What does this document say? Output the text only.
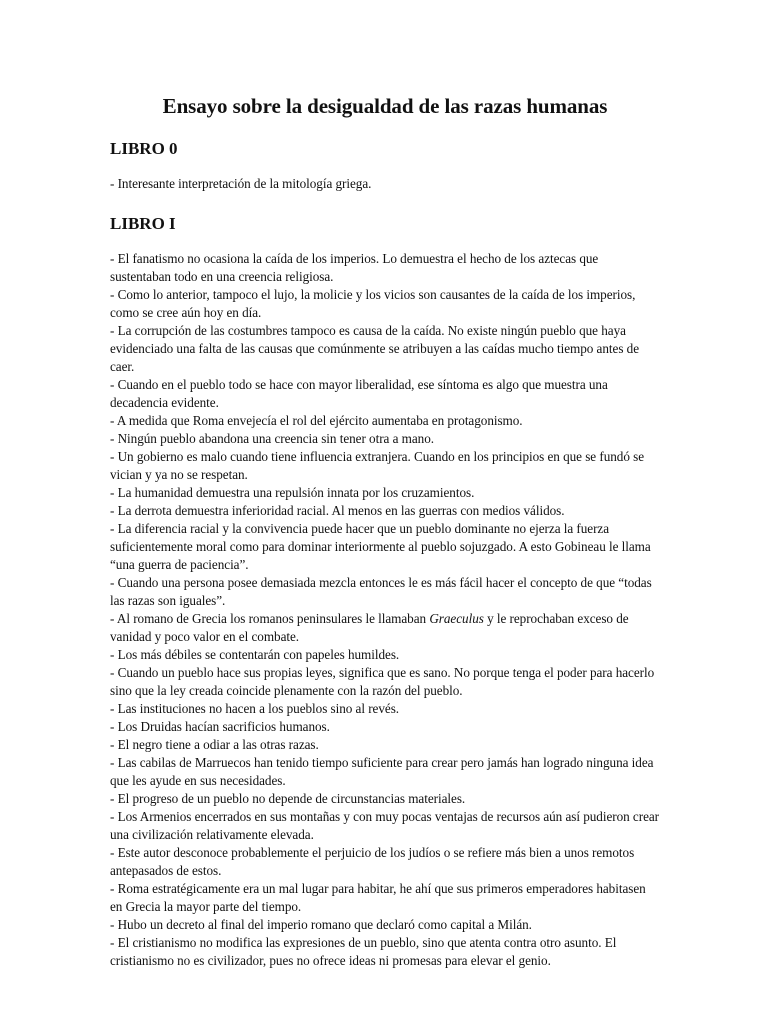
Ensayo sobre la desigualdad de las razas humanas
LIBRO 0

- Interesante interpretación de la mitología griega.

LIBRO I

- El fanatismo no ocasiona la caída de los imperios. Lo demuestra el hecho de los aztecas que sustentaban todo en una creencia religiosa.

- Como lo anterior, tampoco el lujo, la molicie y los vicios son causantes de la caída de los imperios, como se cree aún hoy en día.

- La corrupción de las costumbres tampoco es causa de la caída. No existe ningún pueblo que haya evidenciado una falta de las causas que comúnmente se atribuyen a las caídas mucho tiempo antes de caer.

- Cuando en el pueblo todo se hace con mayor liberalidad, ese síntoma es algo que muestra una decadencia evidente.

- A medida que Roma envejecía el rol del ejército aumentaba en protagonismo.

- Ningún pueblo abandona una creencia sin tener otra a mano.

- Un gobierno es malo cuando tiene influencia extranjera. Cuando en los principios en que se fundó se vician y ya no se respetan.

- La humanidad demuestra una repulsión innata por los cruzamientos.

- La derrota demuestra inferioridad racial. Al menos en las guerras con medios válidos.

- La diferencia racial y la convivencia puede hacer que un pueblo dominante no ejerza la fuerza suficientemente moral como para dominar interiormente al pueblo sojuzgado. A esto Gobineau le llama “una guerra de paciencia”.

- Cuando una persona posee demasiada mezcla entonces le es más fácil hacer el concepto de que “todas las razas son iguales”.

- Al romano de Grecia los romanos peninsulares le llamaban Graeculus y le reprochaban exceso de vanidad y poco valor en el combate.

- Los más débiles se contentarán con papeles humildes.

- Cuando un pueblo hace sus propias leyes, significa que es sano. No porque tenga el poder para hacerlo sino que la ley creada coincide plenamente con la razón del pueblo.

- Las instituciones no hacen a los pueblos sino al revés.

- Los Druidas hacían sacrificios humanos.

- El negro tiene a odiar a las otras razas.

- Las cabilas de Marruecos han tenido tiempo suficiente para crear pero jamás han logrado ninguna idea que les ayude en sus necesidades.

- El progreso de un pueblo no depende de circunstancias materiales.

- Los Armenios encerrados en sus montañas y con muy pocas ventajas de recursos aún así pudieron crear una civilización relativamente elevada.

- Este autor desconoce probablemente el perjuicio de los judíos o se refiere más bien a unos remotos antepasados de estos.

- Roma estratégicamente era un mal lugar para habitar, he ahí que sus primeros emperadores habitasen en Grecia la mayor parte del tiempo.

- Hubo un decreto al final del imperio romano que declaró como capital a Milán.

- El cristianismo no modifica las expresiones de un pueblo, sino que atenta contra otro asunto. El cristianismo no es civilizador, pues no ofrece ideas ni promesas para elevar el genio.
